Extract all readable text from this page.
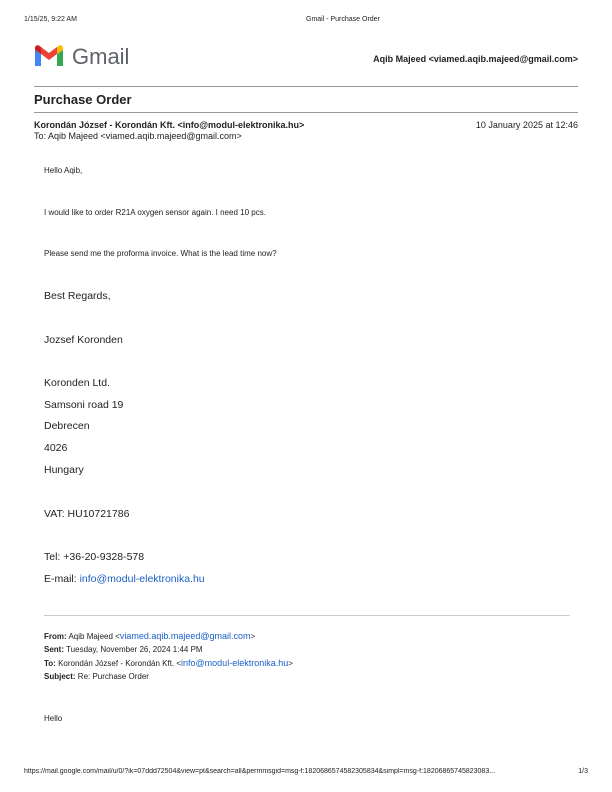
1/15/25, 9:22 AM	Gmail - Purchase Order
Gmail	Aqib Majeed <viamed.aqib.majeed@gmail.com>
Purchase Order
Korondán József - Korondán Kft. <info@modul-elektronika.hu>	10 January 2025 at 12:46
To: Aqib Majeed <viamed.aqib.majeed@gmail.com>
Hello Aqib,
I would like to order R21A oxygen sensor again. I need 10 pcs.
Please send me the proforma invoice. What is the lead time now?
Best Regards,
Jozsef Koronden
Koronden Ltd.
Samsoni road 19
Debrecen
4026
Hungary
VAT: HU10721786
Tel: +36-20-9328-578
E-mail: info@modul-elektronika.hu
From: Aqib Majeed <viamed.aqib.majeed@gmail.com>
Sent: Tuesday, November 26, 2024 1:44 PM
To: Korondán József - Korondán Kft. <info@modul-elektronika.hu>
Subject: Re: Purchase Order
Hello
https://mail.google.com/mail/u/0/?ik=07ddd72504&view=pt&search=all&permmsgid=msg-f:1820686574582305834&simpl=msg-f:18206865745823083...	1/3
